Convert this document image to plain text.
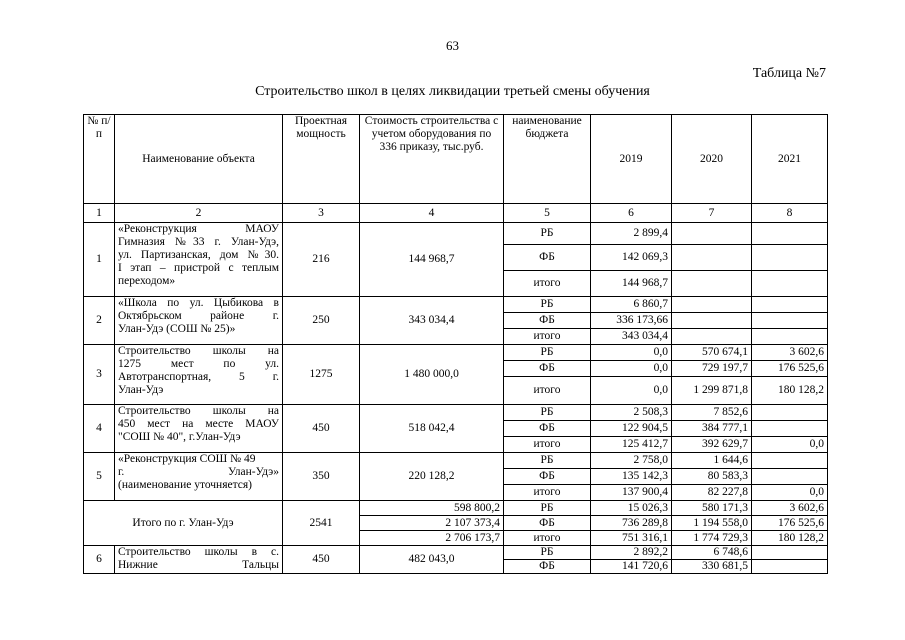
63
Таблица №7
Строительство школ в целях ликвидации третьей смены обучения
№ п/п	Наименование объекта	Проектная мощность	Стоимость строительства с учетом оборудования по 336 приказу, тыс.руб.	наименование бюджета	2019	2020	2021
1	2	3	4	5	6	7	8
1	«Реконструкция МАОУ
Гимназия №33 г. Улан-Удэ,
ул. Партизанская, дом №30.
I этап – пристрой с теплым
переходом»	216	144 968,7	РБ	2 899,4		
				ФБ	142 069,3		
				итого	144 968,7		
2	«Школа по ул. Цыбикова в
Октябрьском районе г.
Улан-Удэ (СОШ № 25)»	250	343 034,4	РБ	6 860,7		
				ФБ	336 173,66		
				итого	343 034,4		
3	Строительство школы на
1275 мест по ул.
Автотранспортная, 5 г.
Улан-Удэ	1275	1 480 000,0	РБ	0,0	570 674,1	3 602,6
				ФБ	0,0	729 197,7	176 525,6
				итого	0,0	1 299 871,8	180 128,2
4	Строительство школы на
450 мест на месте МАОУ
"СОШ № 40", г.Улан-Удэ	450	518 042,4	РБ	2 508,3	7 852,6	
				ФБ	122 904,5	384 777,1	
				итого	125 412,7	392 629,7	0,0
5	«Реконструкция СОШ № 49
г. Улан-Удэ»
(наименование уточняется)	350	220 128,2	РБ	2 758,0	1 644,6	
				ФБ	135 142,3	80 583,3	
				итого	137 900,4	82 227,8	0,0
Итого по г. Улан-Удэ		2541	598 800,2	РБ	15 026,3	580 171,3	3 602,6
			2 107 373,4	ФБ	736 289,8	1 194 558,0	176 525,6
			2 706 173,7	итого	751 316,1	1 774 729,3	180 128,2
6	Строительство школы в с.
Нижние Тальцы	450	482 043,0	РБ	2 892,2	6 748,6	
				ФБ	141 720,6	330 681,5	
